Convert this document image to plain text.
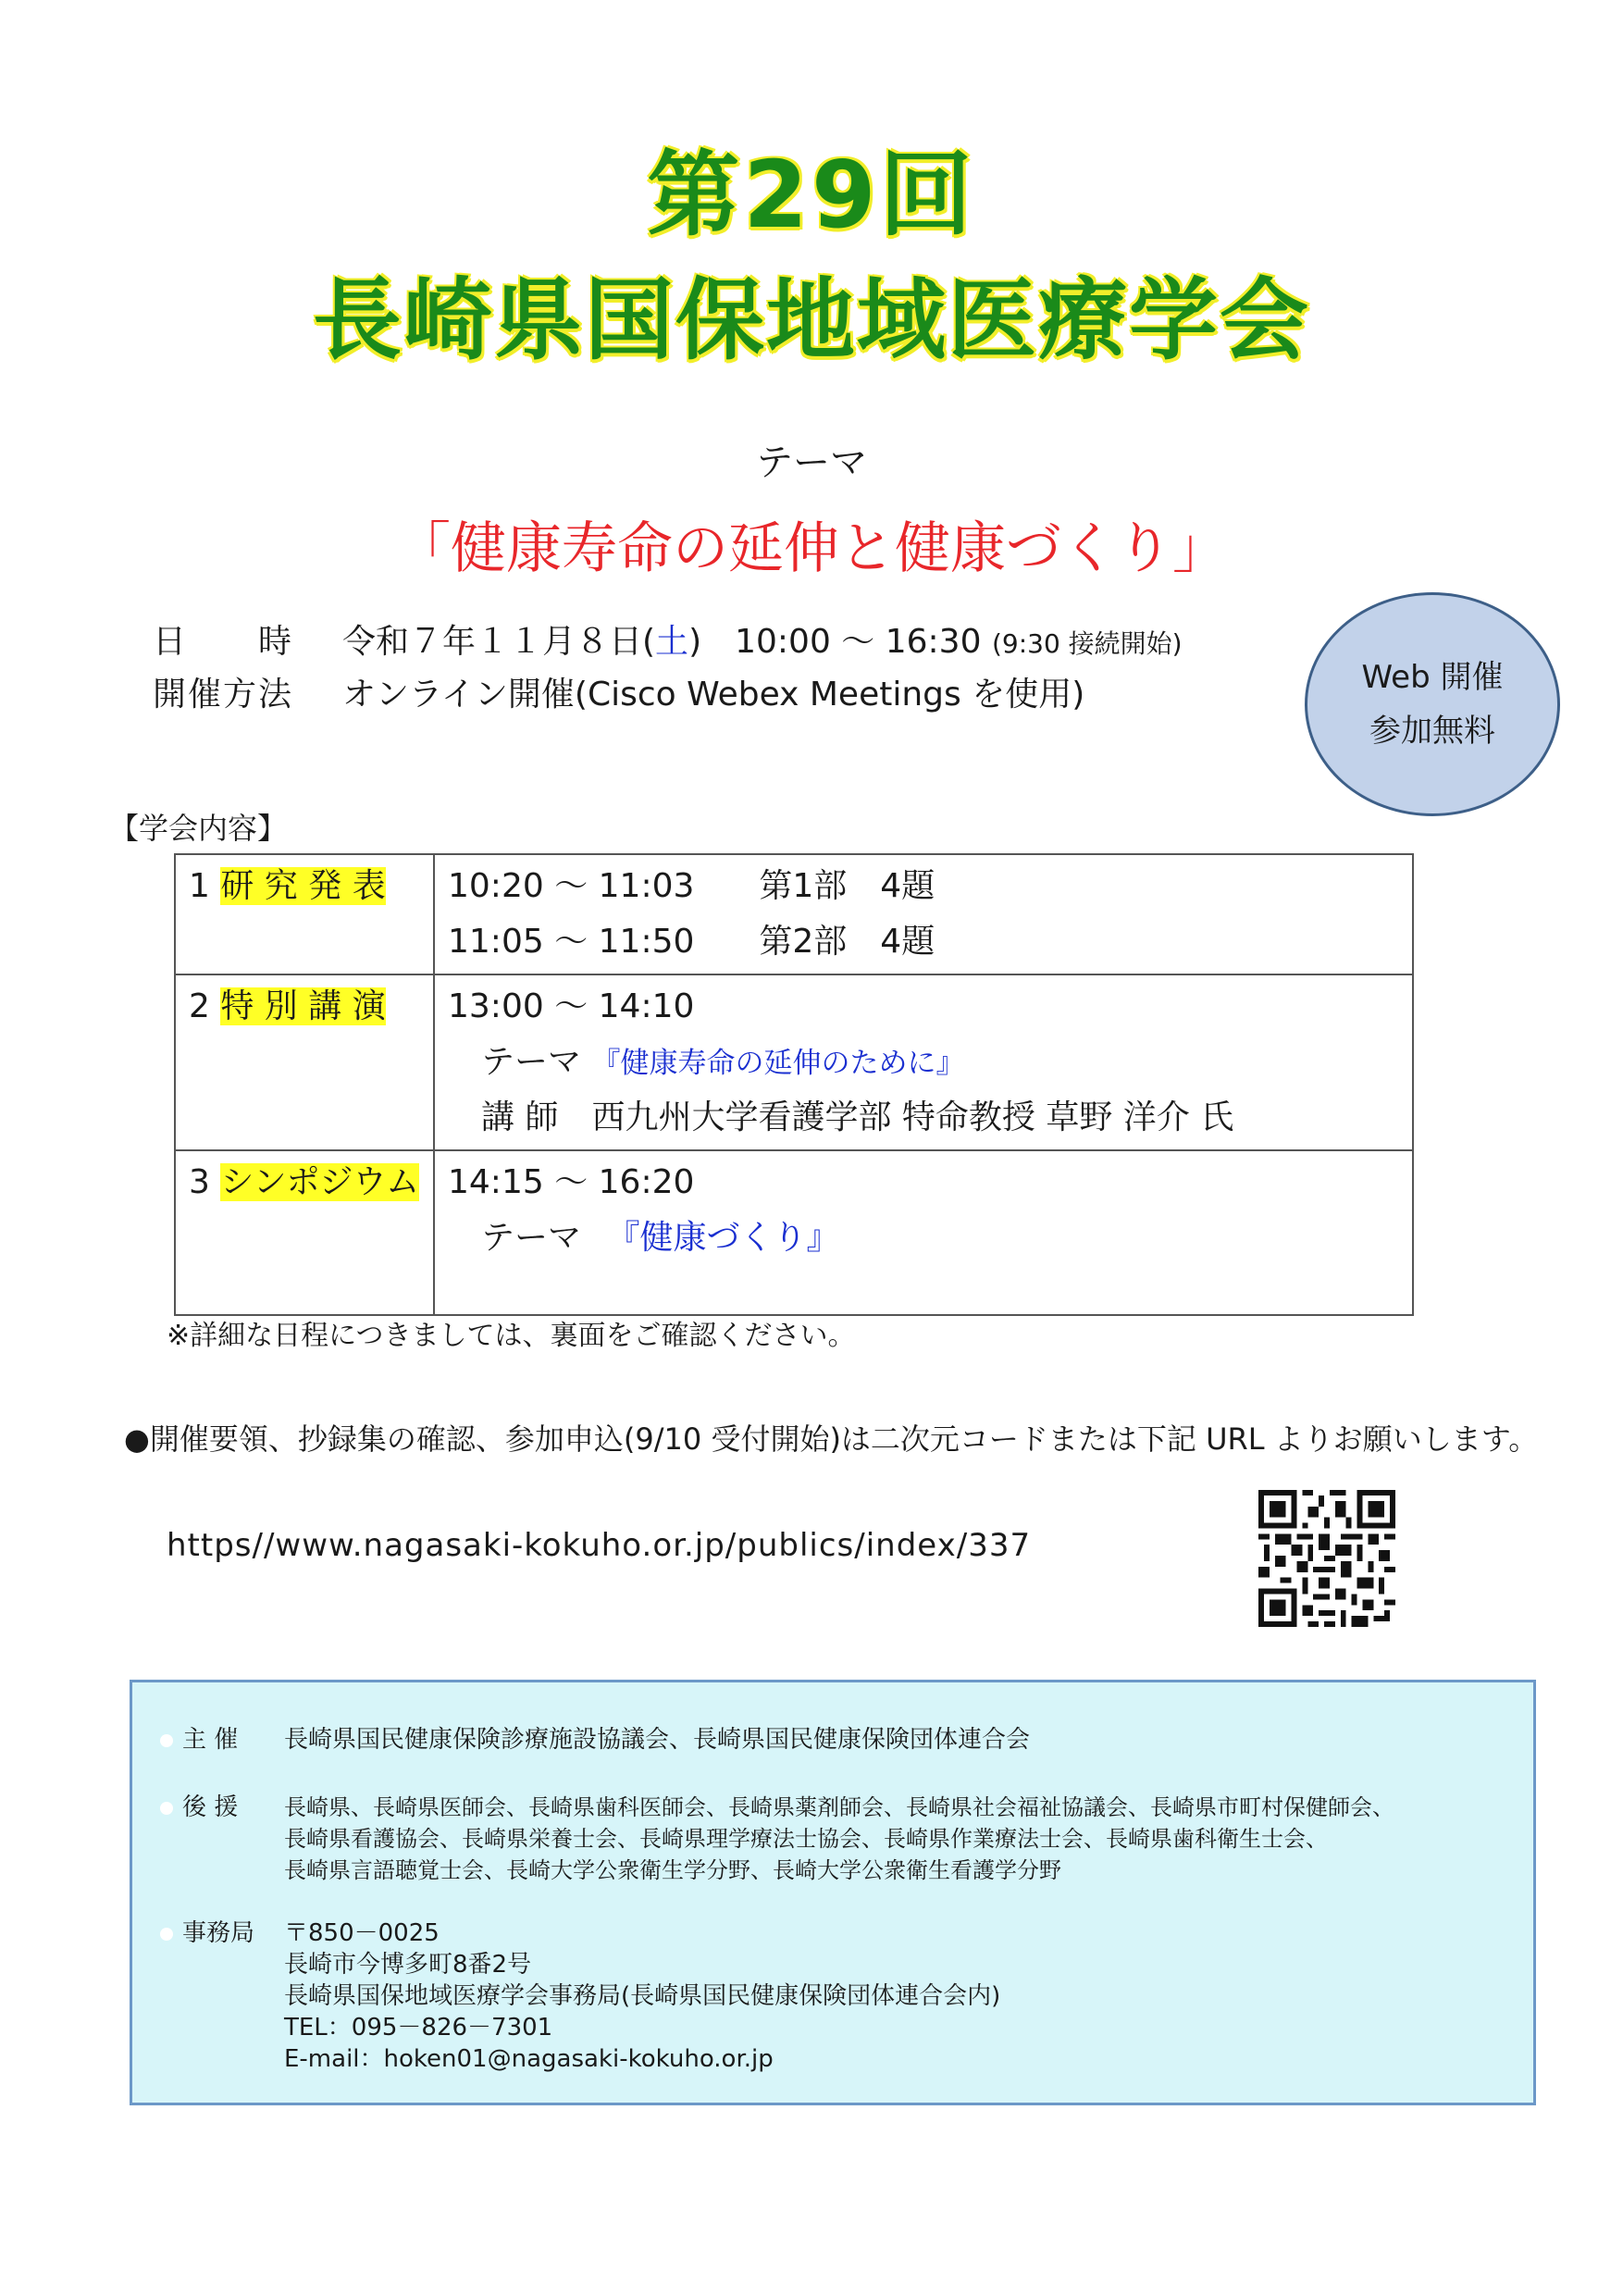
第29回
長崎県国保地域医療学会
テーマ
「健康寿命の延伸と健康づくり」
日　　時 令和７年１１月８日(土)　10:00 ～ 16:30 (9:30 接続開始)
開催方法 オンライン開催(Cisco Webex Meetings を使用)	Web 開催
参加無料
【学会内容】
1 研 究 発 表	10:20 ～ 11:03 第1部　4題
11:05 ～ 11:50 第2部　4題

2 特 別 講 演	13:00 ～ 14:10
テーマ 『健康寿命の延伸のために』
講 師　西九州大学看護学部 特命教授 草野 洋介 氏

3 シンポジウム	14:15 ～ 16:20
テーマ 『健康づくり』
※詳細な日程につきましては、裏面をご確認ください。
●開催要領、抄録集の確認、参加申込(9/10 受付開始)は二次元コードまたは下記 URL よりお願いします。
https//www.nagasaki-kokuho.or.jp/publics/index/337
主 催 長崎県国民健康保険診療施設協議会、長崎県国民健康保険団体連合会
後 援 長崎県、長崎県医師会、長崎県歯科医師会、長崎県薬剤師会、長崎県社会福祉協議会、長崎県市町村保健師会、
長崎県看護協会、長崎県栄養士会、長崎県理学療法士協会、長崎県作業療法士会、長崎県歯科衛生士会、
長崎県言語聴覚士会、長崎大学公衆衛生学分野、長崎大学公衆衛生看護学分野
事務局 〒850－0025
長崎市今博多町8番2号
長崎県国保地域医療学会事務局(長崎県国民健康保険団体連合会内)
TEL：095－826－7301
E-mail：hoken01@nagasaki-kokuho.or.jp
